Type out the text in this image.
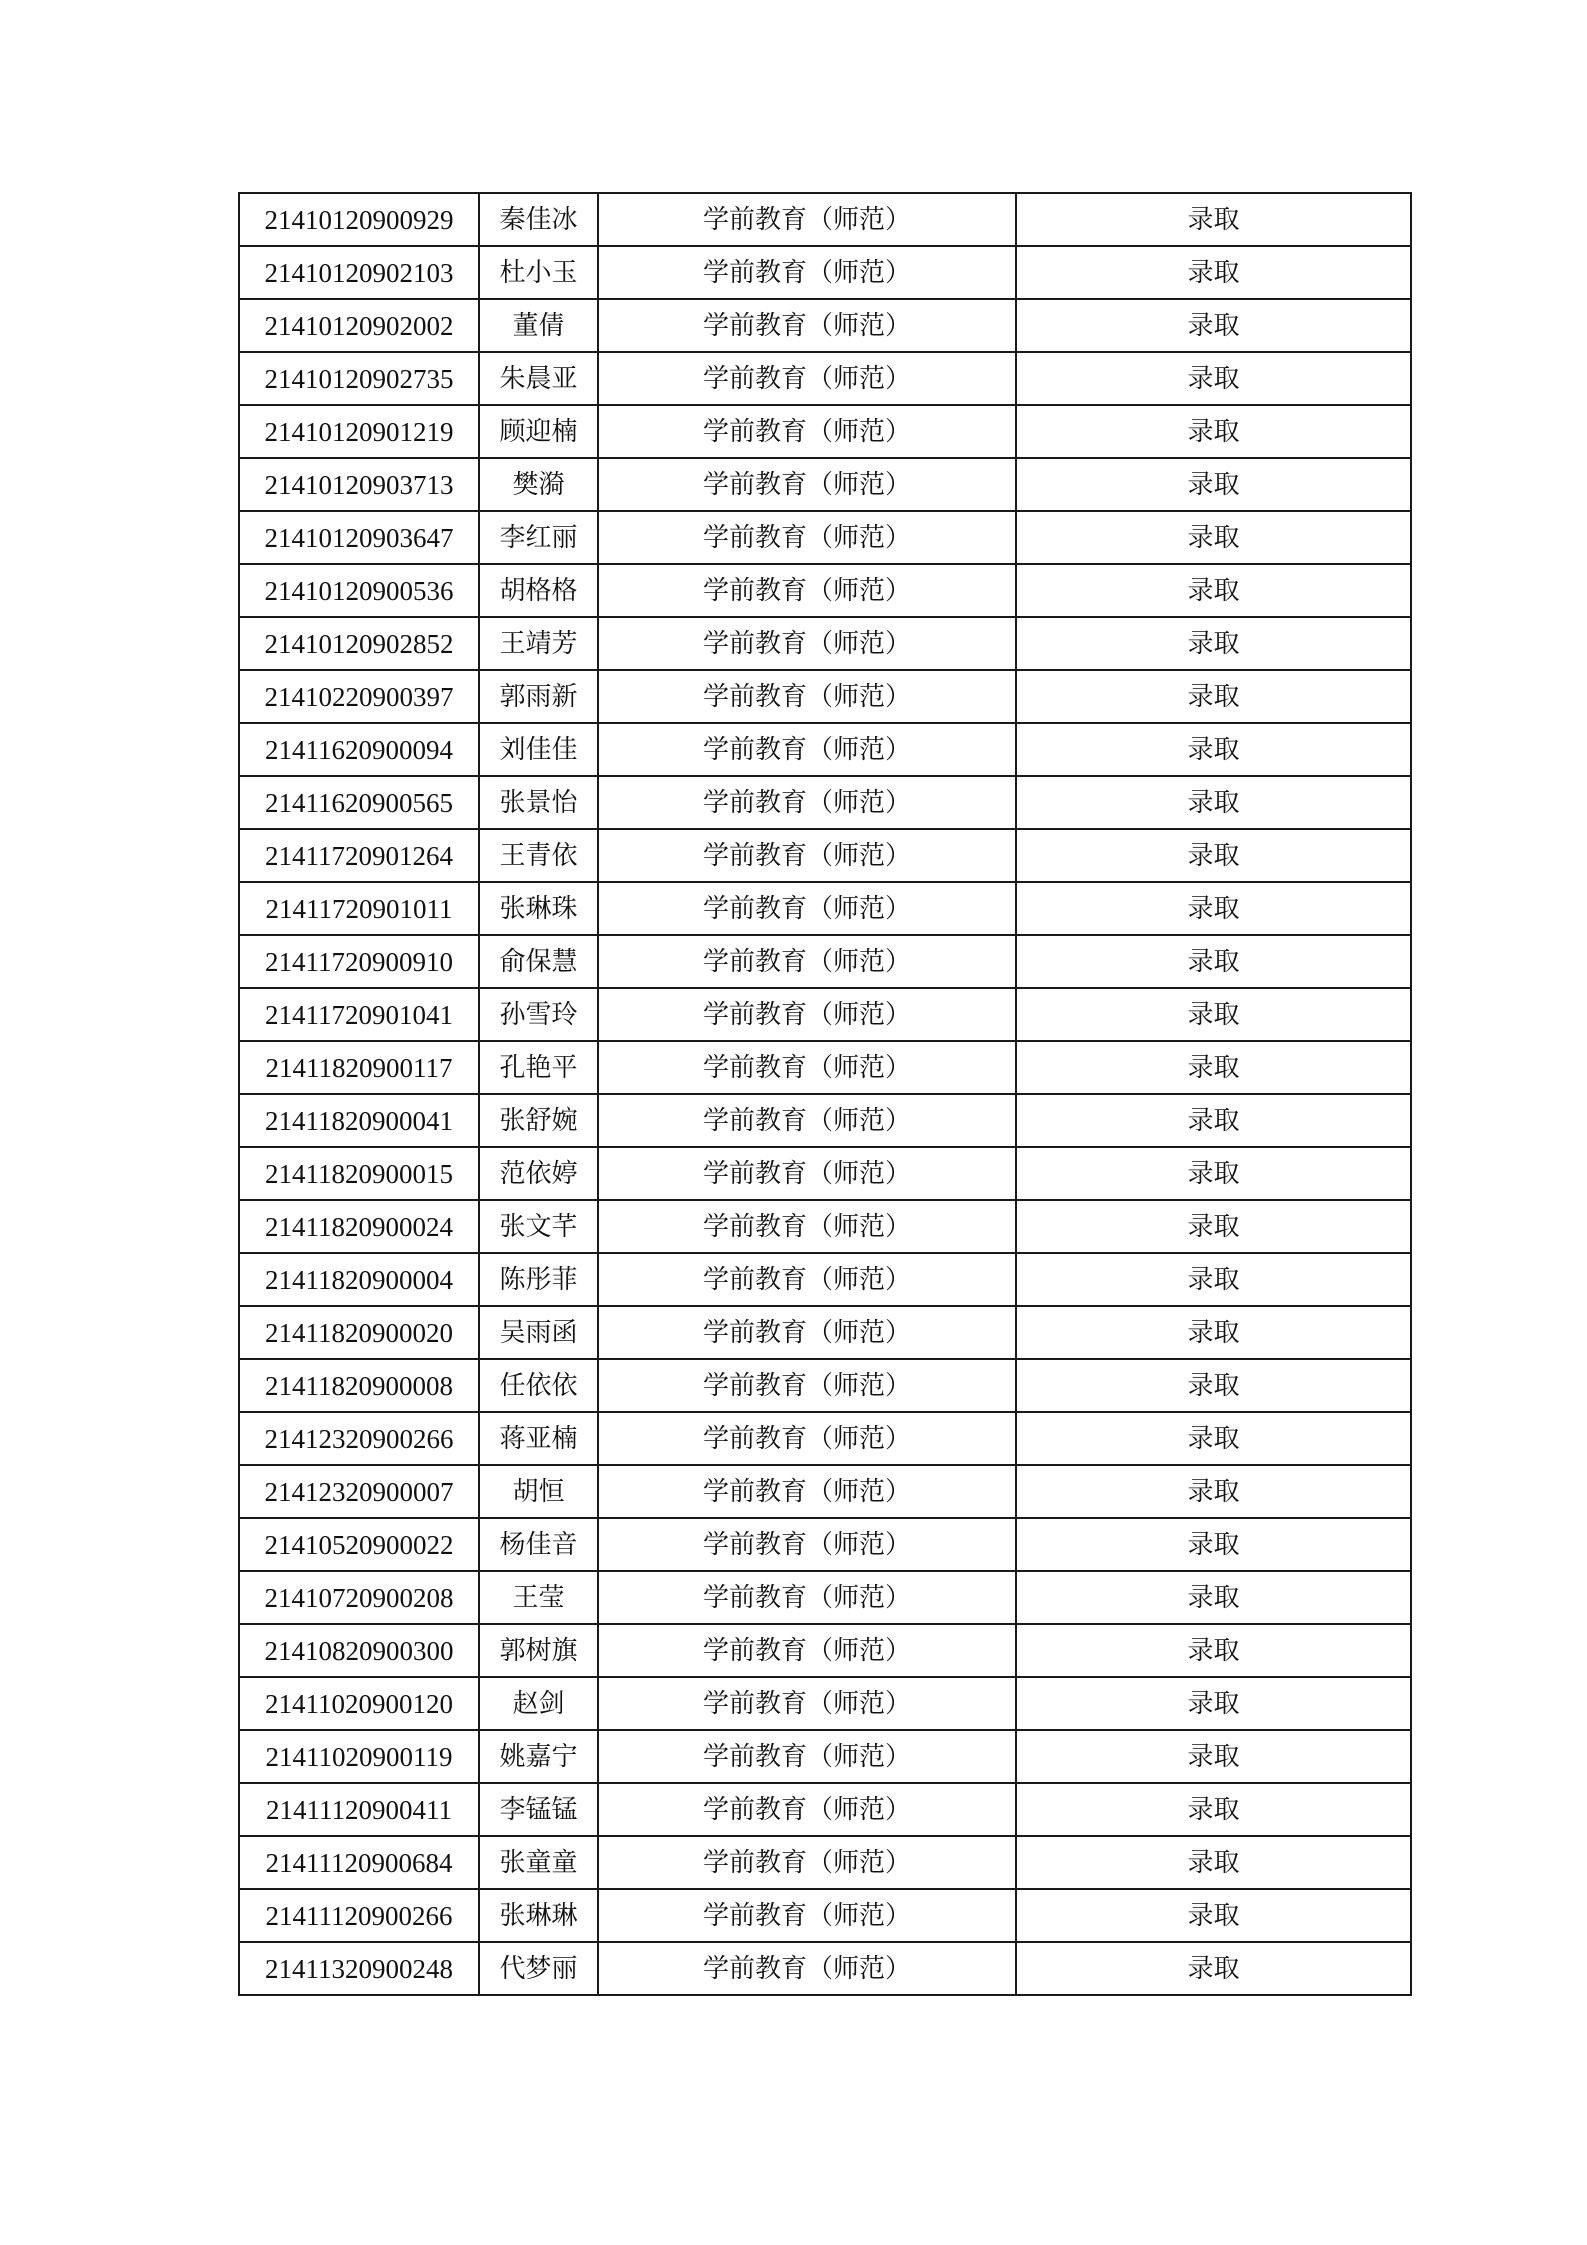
21410120900929	秦佳冰	学前教育（师范）	录取
21410120902103	杜小玉	学前教育（师范）	录取
21410120902002	董倩	学前教育（师范）	录取
21410120902735	朱晨亚	学前教育（师范）	录取
21410120901219	顾迎楠	学前教育（师范）	录取
21410120903713	樊漪	学前教育（师范）	录取
21410120903647	李红丽	学前教育（师范）	录取
21410120900536	胡格格	学前教育（师范）	录取
21410120902852	王靖芳	学前教育（师范）	录取
21410220900397	郭雨新	学前教育（师范）	录取
21411620900094	刘佳佳	学前教育（师范）	录取
21411620900565	张景怡	学前教育（师范）	录取
21411720901264	王青依	学前教育（师范）	录取
21411720901011	张琳珠	学前教育（师范）	录取
21411720900910	俞保慧	学前教育（师范）	录取
21411720901041	孙雪玲	学前教育（师范）	录取
21411820900117	孔艳平	学前教育（师范）	录取
21411820900041	张舒婉	学前教育（师范）	录取
21411820900015	范依婷	学前教育（师范）	录取
21411820900024	张文芊	学前教育（师范）	录取
21411820900004	陈彤菲	学前教育（师范）	录取
21411820900020	吴雨函	学前教育（师范）	录取
21411820900008	任依依	学前教育（师范）	录取
21412320900266	蒋亚楠	学前教育（师范）	录取
21412320900007	胡恒	学前教育（师范）	录取
21410520900022	杨佳音	学前教育（师范）	录取
21410720900208	王莹	学前教育（师范）	录取
21410820900300	郭树旗	学前教育（师范）	录取
21411020900120	赵剑	学前教育（师范）	录取
21411020900119	姚嘉宁	学前教育（师范）	录取
21411120900411	李锰锰	学前教育（师范）	录取
21411120900684	张童童	学前教育（师范）	录取
21411120900266	张琳琳	学前教育（师范）	录取
21411320900248	代梦丽	学前教育（师范）	录取
